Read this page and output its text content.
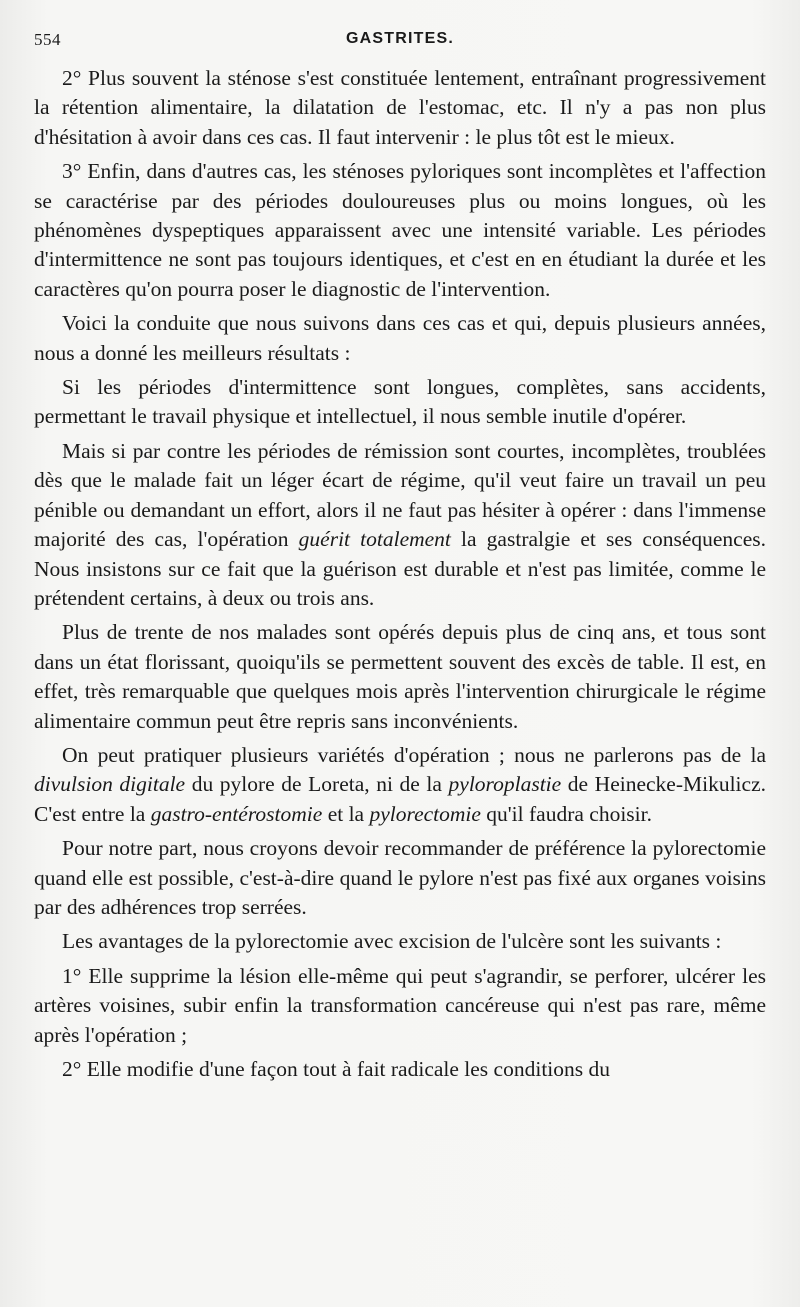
554	GASTRITES.

2° Plus souvent la sténose s'est constituée lentement, entraînant progressivement la rétention alimentaire, la dilatation de l'estomac, etc. Il n'y a pas non plus d'hésitation à avoir dans ces cas. Il faut intervenir : le plus tôt est le mieux.

3° Enfin, dans d'autres cas, les sténoses pyloriques sont incomplètes et l'affection se caractérise par des périodes douloureuses plus ou moins longues, où les phénomènes dyspeptiques apparaissent avec une intensité variable. Les périodes d'intermittence ne sont pas toujours identiques, et c'est en en étudiant la durée et les caractères qu'on pourra poser le diagnostic de l'intervention.

Voici la conduite que nous suivons dans ces cas et qui, depuis plusieurs années, nous a donné les meilleurs résultats :

Si les périodes d'intermittence sont longues, complètes, sans accidents, permettant le travail physique et intellectuel, il nous semble inutile d'opérer.

Mais si par contre les périodes de rémission sont courtes, incomplètes, troublées dès que le malade fait un léger écart de régime, qu'il veut faire un travail un peu pénible ou demandant un effort, alors il ne faut pas hésiter à opérer : dans l'immense majorité des cas, l'opération guérit totalement la gastralgie et ses conséquences. Nous insistons sur ce fait que la guérison est durable et n'est pas limitée, comme le prétendent certains, à deux ou trois ans.

Plus de trente de nos malades sont opérés depuis plus de cinq ans, et tous sont dans un état florissant, quoiqu'ils se permettent souvent des excès de table. Il est, en effet, très remarquable que quelques mois après l'intervention chirurgicale le régime alimentaire commun peut être repris sans inconvénients.

On peut pratiquer plusieurs variétés d'opération ; nous ne parlerons pas de la divulsion digitale du pylore de Loreta, ni de la pyloroplastie de Heinecke-Mikulicz. C'est entre la gastro-entérostomie et la pylorectomie qu'il faudra choisir.

Pour notre part, nous croyons devoir recommander de préférence la pylorectomie quand elle est possible, c'est-à-dire quand le pylore n'est pas fixé aux organes voisins par des adhérences trop serrées.

Les avantages de la pylorectomie avec excision de l'ulcère sont les suivants :

1° Elle supprime la lésion elle-même qui peut s'agrandir, se perforer, ulcérer les artères voisines, subir enfin la transformation cancéreuse qui n'est pas rare, même après l'opération ;

2° Elle modifie d'une façon tout à fait radicale les conditions du
